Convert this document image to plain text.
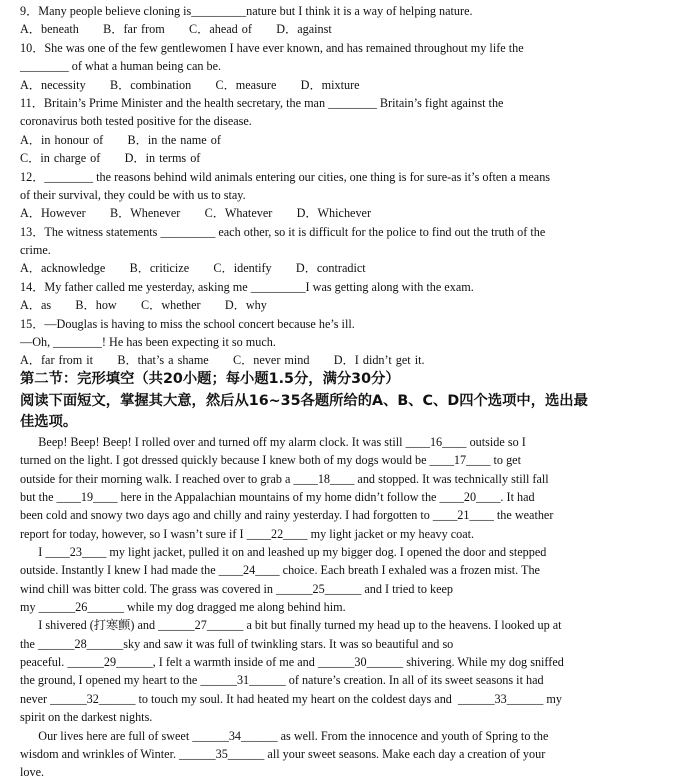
9．Many people believe cloning is_________nature but I think it is a way of helping nature.
A．beneath      B．far from      C．ahead of      D．against
10．She was one of the few gentlewomen I have ever known, and has remained throughout my life the
________ of what a human being can be.
A．necessity      B．combination      C．measure      D．mixture
11．Britain’s Prime Minister and the health secretary, the man ________ Britain’s fight against the
coronavirus both tested positive for the disease.
A．in honour of      B．in the name of
C．in charge of      D．in terms of
12．________ the reasons behind wild animals entering our cities, one thing is for sure-as it’s often a means
of their survival, they could be with us to stay.
A．However      B．Whenever      C．Whatever      D．Whichever
13．The witness statements _________ each other, so it is difficult for the police to find out the truth of the
crime.
A．acknowledge      B．criticize      C．identify      D．contradict
14．My father called me yesterday, asking me _________I was getting along with the exam.
A．as      B．how      C．whether      D．why
15．—Douglas is having to miss the school concert because he’s ill.
—Oh, ________! He has been expecting it so much.
A．far from it      B．that’s a shame      C．never mind      D．I didn’t get it.
第二节：完形填空（共20小题；每小题1.5分，满分30分）
阅读下面短文，掌握其大意，然后从16~35各题所给的A、B、C、D四个选项中，选出最
佳选项。
Beep! Beep! Beep! I rolled over and turned off my alarm clock. It was still ____16____ outside so I
turned on the light. I got dressed quickly because I knew both of my dogs would be ____17____ to get
outside for their morning walk. I reached over to grab a ____18____ and stopped. It was technically still fall
but the ____19____ here in the Appalachian mountains of my home didn’t follow the ____20____. It had
been cold and snowy two days ago and chilly and rainy yesterday. I had forgotten to ____21____ the weather
report for today, however, so I wasn’t sure if I ____22____ my light jacket or my heavy coat.
I ____23____ my light jacket, pulled it on and leashed up my bigger dog. I opened the door and stepped
outside. Instantly I knew I had made the ____24____ choice. Each breath I exhaled was a frozen mist. The
wind chill was bitter cold. The grass was covered in ______25______ and I tried to keep
my ______26______ while my dog dragged me along behind him.
I shivered (打寒颤) and ______27______ a bit but finally turned my head up to the heavens. I looked up at
the ______28______sky and saw it was full of twinkling stars. It was so beautiful and so
peaceful. ______29______, I felt a warmth inside of me and ______30______ shivering. While my dog sniffed
the ground, I opened my heart to the ______31______ of nature’s creation. In all of its sweet seasons it had
never ______32______ to touch my soul. It had heated my heart on the coldest days and  ______33______ my
spirit on the darkest nights.
Our lives here are full of sweet ______34______ as well. From the innocence and youth of Spring to the
wisdom and wrinkles of Winter. ______35______ all your sweet seasons. Make each day a creation of your
love.
